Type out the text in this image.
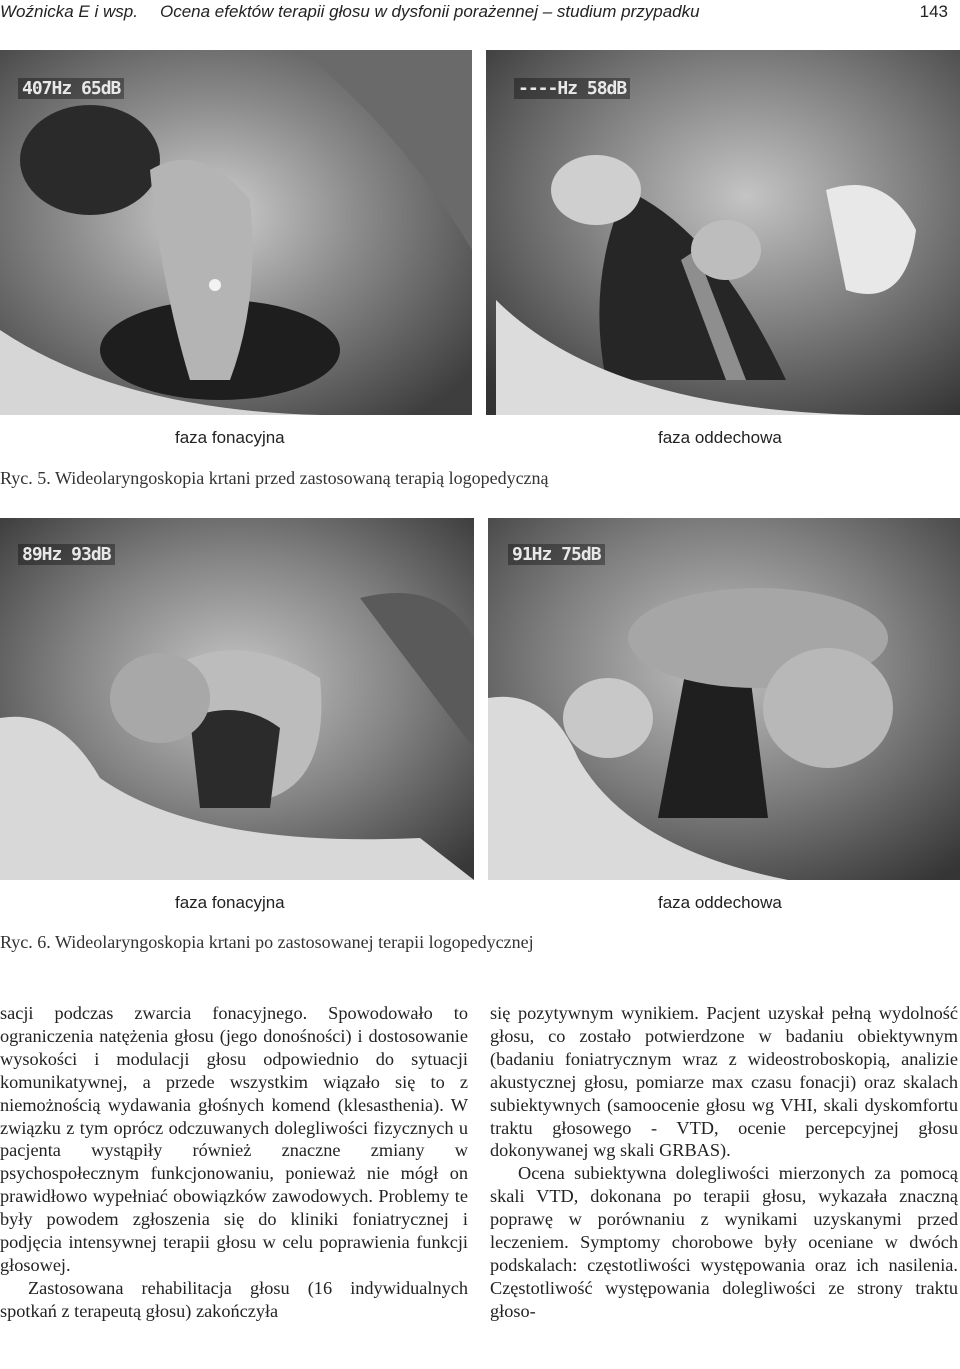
Woźnicka E i wsp. Ocena efektów terapii głosu w dysfonii porażennej – studium przypadku	143
407Hz 65dB	----Hz 58dB
faza fonacyjna	faza oddechowa
Ryc. 5. Wideolaryngoskopia krtani przed zastosowaną terapią logopedyczną
89Hz 93dB	91Hz 75dB
faza fonacyjna	faza oddechowa
Ryc. 6. Wideolaryngoskopia krtani po zastosowanej terapii logopedycznej

sacji podczas zwarcia fonacyjnego. Spowodowało to ograniczenia natężenia głosu (jego donośności) i dostosowanie wysokości i modulacji głosu odpowiednio do sytuacji komunikatywnej, a przede wszystkim wiązało się to z niemożnością wydawania głośnych komend (klesasthenia). W związku z tym oprócz odczuwanych dolegliwości fizycznych u pacjenta wystąpiły również znaczne zmiany w psychospołecznym funkcjonowaniu, ponieważ nie mógł on prawidłowo wypełniać obowiązków zawodowych. Problemy te były powodem zgłoszenia się do kliniki foniatrycznej i podjęcia intensywnej terapii głosu w celu poprawienia funkcji głosowej.

Zastosowana rehabilitacja głosu (16 indywidualnych spotkań z terapeutą głosu) zakończyła

się pozytywnym wynikiem. Pacjent uzyskał pełną wydolność głosu, co zostało potwierdzone w badaniu obiektywnym (badaniu foniatrycznym wraz z wideostroboskopią, analizie akustycznej głosu, pomiarze max czasu fonacji) oraz skalach subiektywnych (samoocenie głosu wg VHI, skali dyskomfortu traktu głosowego - VTD, ocenie percepcyjnej głosu dokonywanej wg skali GRBAS).

Ocena subiektywna dolegliwości mierzonych za pomocą skali VTD, dokonana po terapii głosu, wykazała znaczną poprawę w porównaniu z wynikami uzyskanymi przed leczeniem. Symptomy chorobowe były oceniane w dwóch podskalach: częstotliwości występowania oraz ich nasilenia. Częstotliwość występowania dolegliwości ze strony traktu głoso-
